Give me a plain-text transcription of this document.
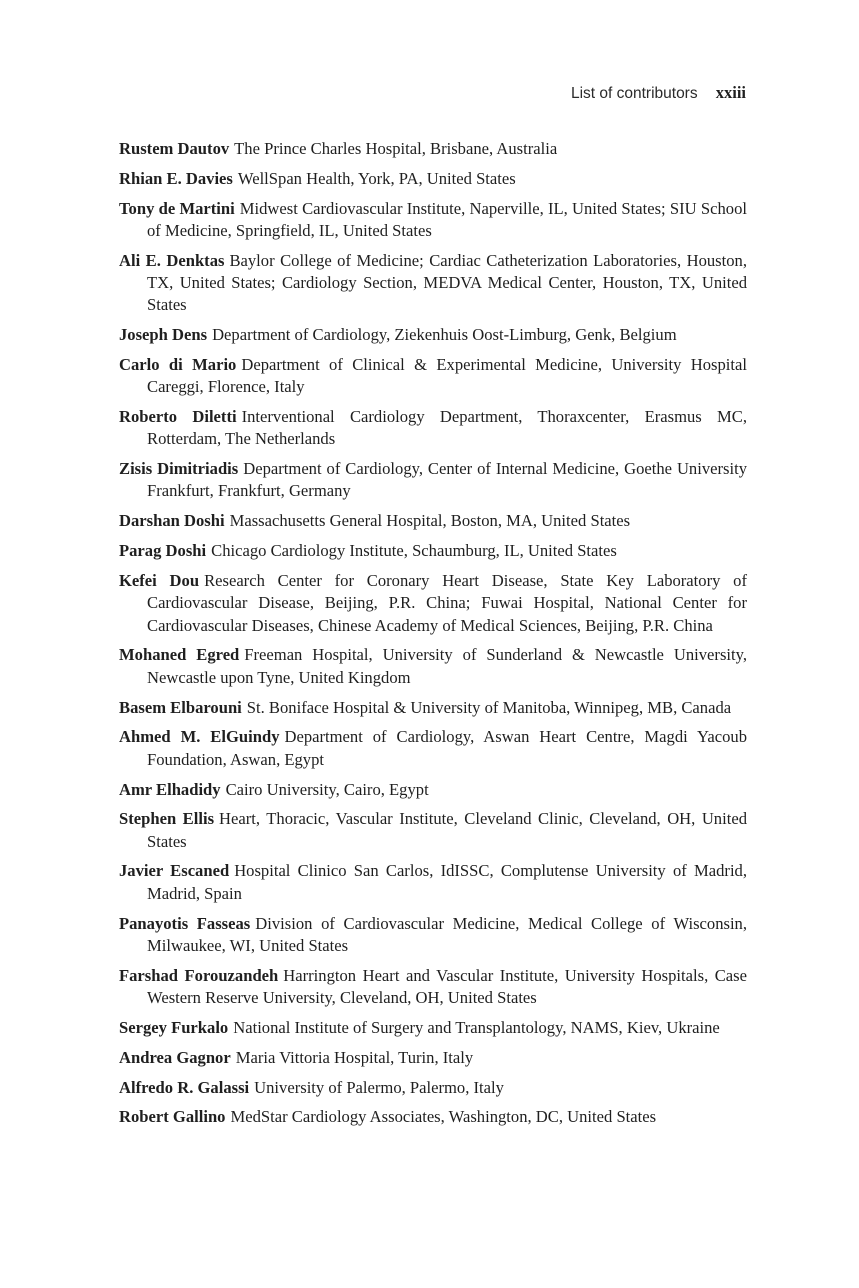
List of contributors xxiii
Rustem Dautov The Prince Charles Hospital, Brisbane, Australia
Rhian E. Davies WellSpan Health, York, PA, United States
Tony de Martini Midwest Cardiovascular Institute, Naperville, IL, United States; SIU School of Medicine, Springfield, IL, United States
Ali E. Denktas Baylor College of Medicine; Cardiac Catheterization Laboratories, Houston, TX, United States; Cardiology Section, MEDVA Medical Center, Houston, TX, United States
Joseph Dens Department of Cardiology, Ziekenhuis Oost-Limburg, Genk, Belgium
Carlo di Mario Department of Clinical & Experimental Medicine, University Hospital Careggi, Florence, Italy
Roberto Diletti Interventional Cardiology Department, Thoraxcenter, Erasmus MC, Rotterdam, The Netherlands
Zisis Dimitriadis Department of Cardiology, Center of Internal Medicine, Goethe University Frankfurt, Frankfurt, Germany
Darshan Doshi Massachusetts General Hospital, Boston, MA, United States
Parag Doshi Chicago Cardiology Institute, Schaumburg, IL, United States
Kefei Dou Research Center for Coronary Heart Disease, State Key Laboratory of Cardiovascular Disease, Beijing, P.R. China; Fuwai Hospital, National Center for Cardiovascular Diseases, Chinese Academy of Medical Sciences, Beijing, P.R. China
Mohaned Egred Freeman Hospital, University of Sunderland & Newcastle University, Newcastle upon Tyne, United Kingdom
Basem Elbarouni St. Boniface Hospital & University of Manitoba, Winnipeg, MB, Canada
Ahmed M. ElGuindy Department of Cardiology, Aswan Heart Centre, Magdi Yacoub Foundation, Aswan, Egypt
Amr Elhadidy Cairo University, Cairo, Egypt
Stephen Ellis Heart, Thoracic, Vascular Institute, Cleveland Clinic, Cleveland, OH, United States
Javier Escaned Hospital Clinico San Carlos, IdISSC, Complutense University of Madrid, Madrid, Spain
Panayotis Fasseas Division of Cardiovascular Medicine, Medical College of Wisconsin, Milwaukee, WI, United States
Farshad Forouzandeh Harrington Heart and Vascular Institute, University Hospitals, Case Western Reserve University, Cleveland, OH, United States
Sergey Furkalo National Institute of Surgery and Transplantology, NAMS, Kiev, Ukraine
Andrea Gagnor Maria Vittoria Hospital, Turin, Italy
Alfredo R. Galassi University of Palermo, Palermo, Italy
Robert Gallino MedStar Cardiology Associates, Washington, DC, United States
